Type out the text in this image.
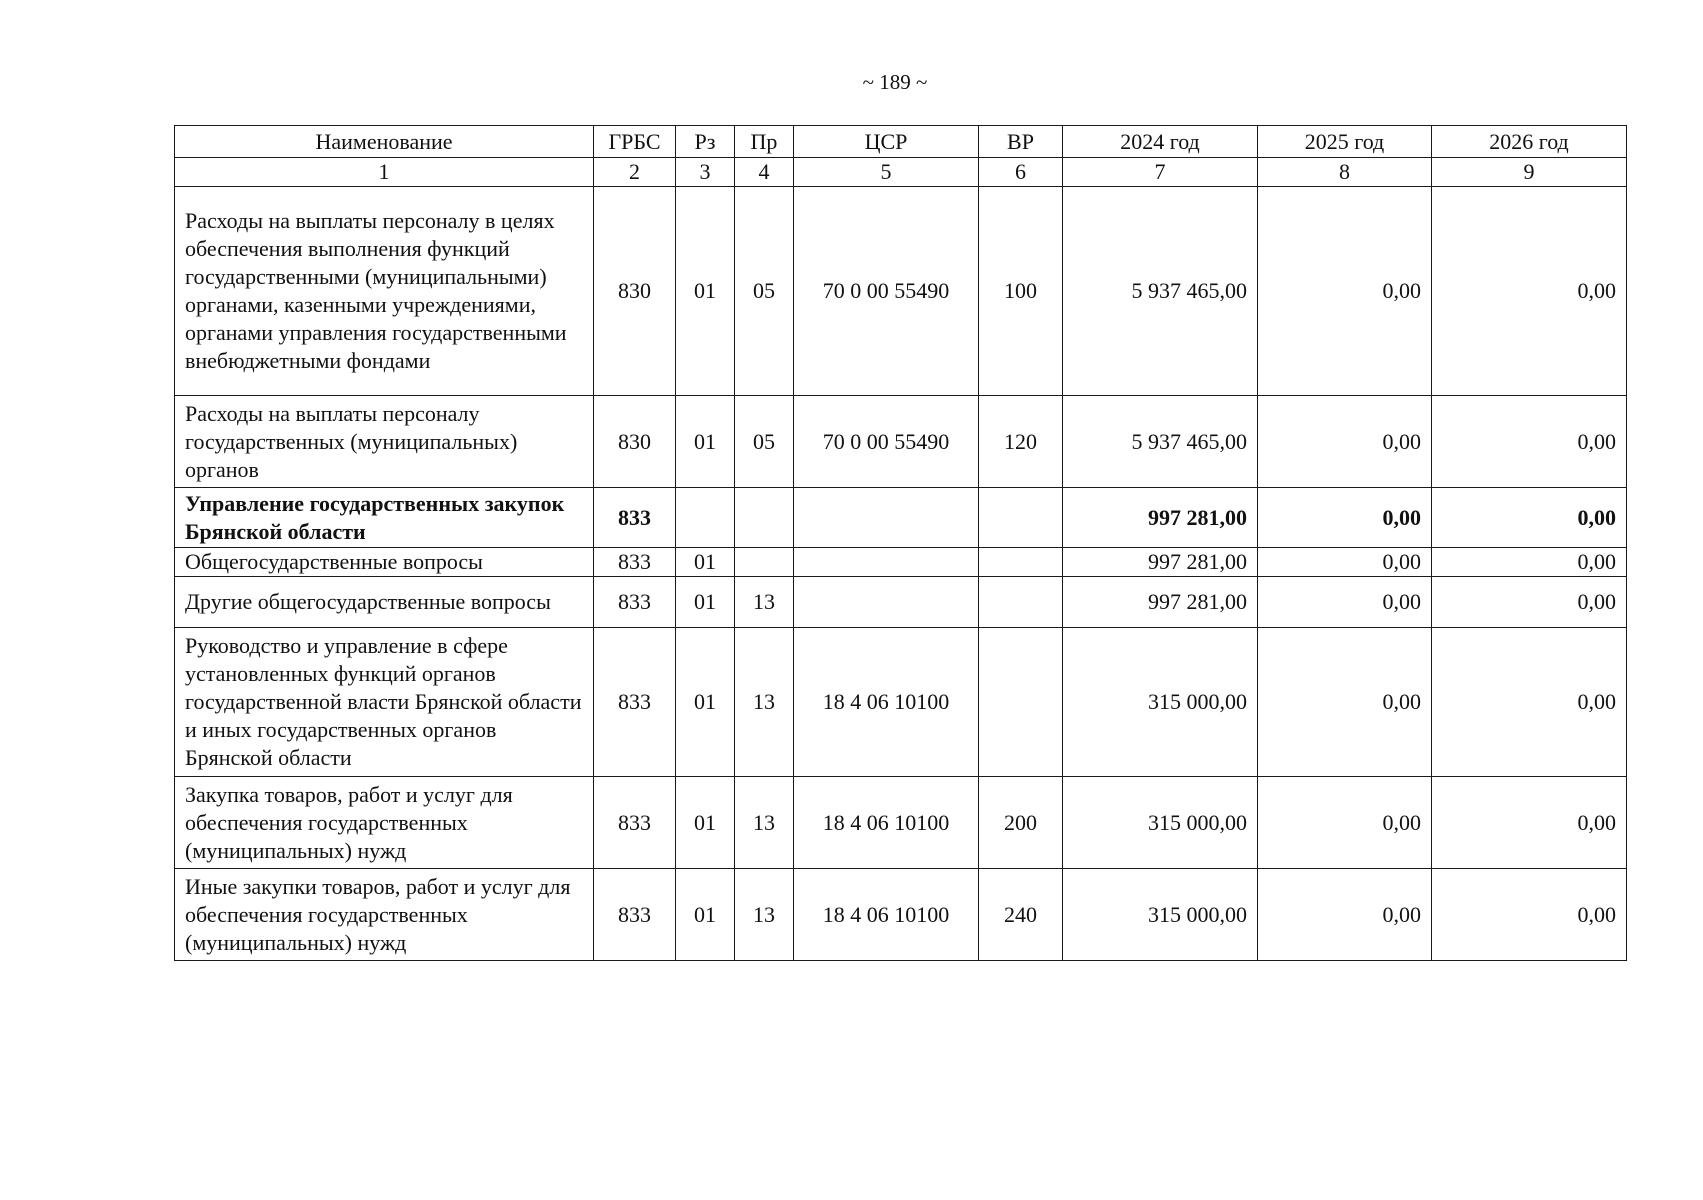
~ 189 ~
Наименование	ГРБС	Рз	Пр	ЦСР	ВР	2024 год	2025 год	2026 год
1	2	3	4	5	6	7	8	9
Расходы на выплаты персоналу в целях обеспечения выполнения функций государственными (муниципальными) органами, казенными учреждениями, органами управления государственными внебюджетными фондами	830	01	05	70 0 00 55490	100	5 937 465,00	0,00	0,00
Расходы на выплаты персоналу государственных (муниципальных) органов	830	01	05	70 0 00 55490	120	5 937 465,00	0,00	0,00
Управление государственных закупок Брянской области	833					997 281,00	0,00	0,00
Общегосударственные вопросы	833	01				997 281,00	0,00	0,00
Другие общегосударственные вопросы	833	01	13			997 281,00	0,00	0,00
Руководство и управление в сфере установленных функций органов государственной власти Брянской области и иных государственных органов Брянской области	833	01	13	18 4 06 10100		315 000,00	0,00	0,00
Закупка товаров, работ и услуг для обеспечения государственных (муниципальных) нужд	833	01	13	18 4 06 10100	200	315 000,00	0,00	0,00
Иные закупки товаров, работ и услуг для обеспечения государственных (муниципальных) нужд	833	01	13	18 4 06 10100	240	315 000,00	0,00	0,00
